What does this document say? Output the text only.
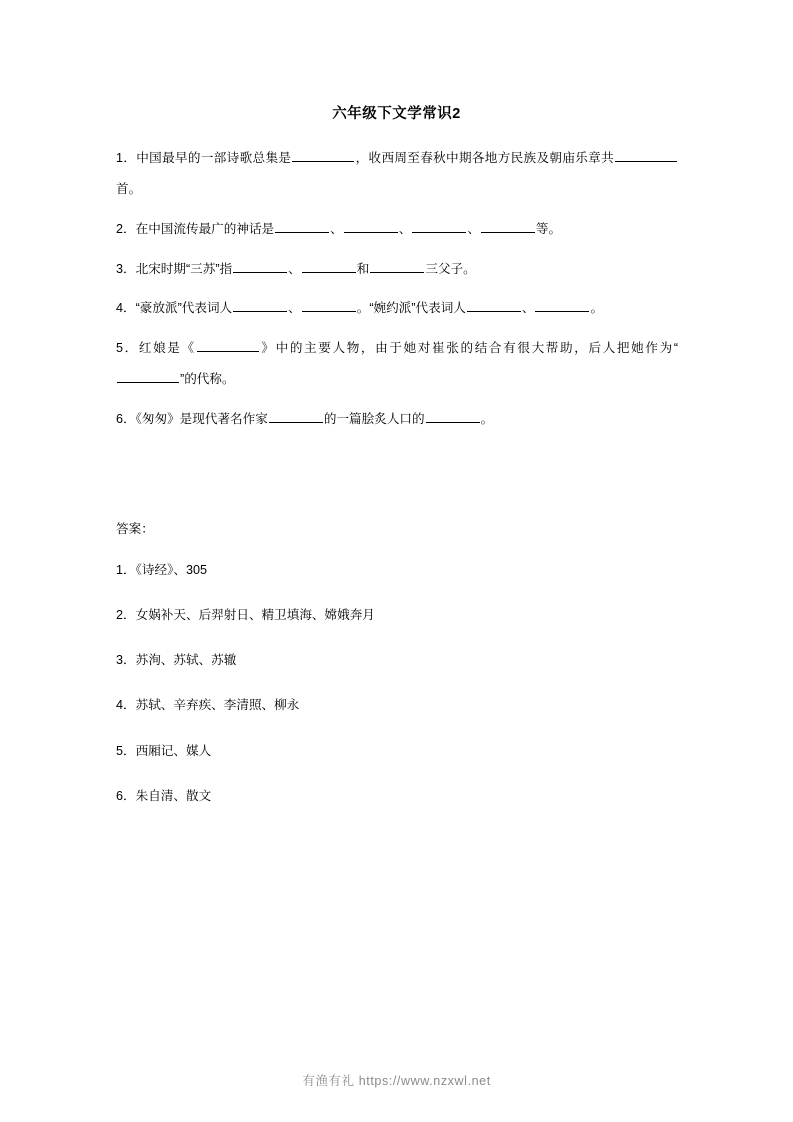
六年级下文学常识2

1．中国最早的一部诗歌总集是	，收西周至春秋中期各地方民族及朝庙乐章共首。

2．在中国流传最广的神话是	、	、	、	等。

3．北宋时期“三苏”指	、	和	三父子。

4．“豪放派”代表词人	、	。“婉约派”代表词人	、	。

5．红娘是《	》中的主要人物，由于她对崔张的结合有很大帮助，后人把她作为“”的代称。

6．《匆匆》是现代著名作家	的一篇脍炙人口的	。

答案：

1．《诗经》、305

2．女娲补天、后羿射日、精卫填海、嫦娥奔月

3．苏洵、苏轼、苏辙

4．苏轼、辛弃疾、李清照、柳永

5．西厢记、媒人

6．朱自清、散文

有渔有礼 https://www.nzxwl.net
